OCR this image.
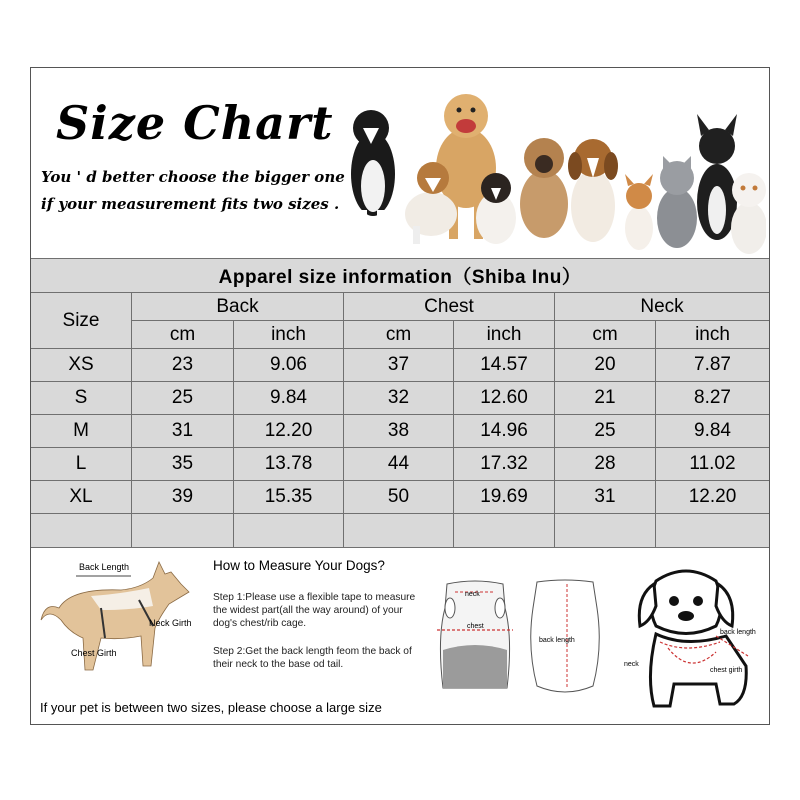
Size Chart
You ' d better choose the bigger one
if your measurement fits two sizes .
Apparel size information（Shiba Inu）
Size
Back	Chest	Neck
cm	inch	cm	inch	cm	inch
XS	23	9.06	37	14.57	20	7.87
S	25	9.84	32	12.60	21	8.27
M	31	12.20	38	14.96	25	9.84
L	35	13.78	44	17.32	28	11.02
XL	39	15.35	50	19.69	31	12.20
Back Length
Neck Girth
Chest Girth
How to Measure Your Dogs?
Step 1:Please use a flexible tape to measure the widest part(all the way around) of your dog's chest/rib cage.
Step 2:Get the back length feom the back of their neck to the base od tail.
neck
chest
back length
back length
neck
chest girth
If your pet is between two sizes, please choose a large size
